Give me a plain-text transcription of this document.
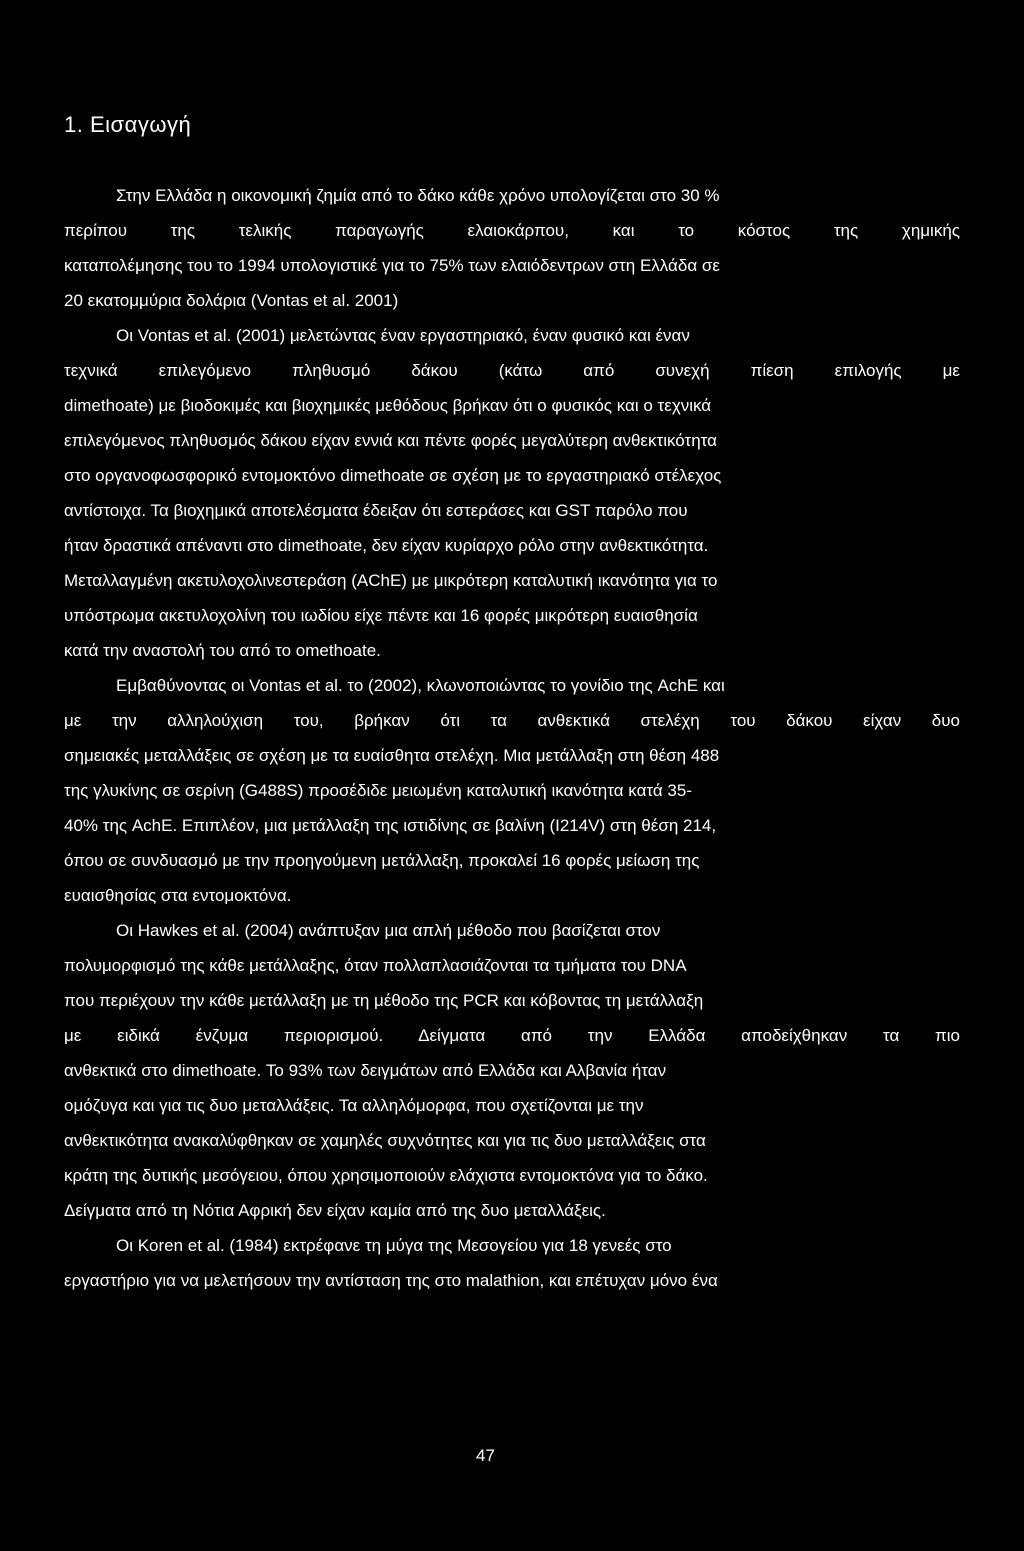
1. Εισαγωγή
Στην Ελλάδα η οικονομική ζημία από το δάκο κάθε χρόνο υπολογίζεται στο 30 %
περίπου της τελικής παραγωγής ελαιοκάρπου, και το κόστος της χημικής
καταπολέμησης του το 1994 υπολογιστικέ για το 75% των ελαιόδεντρων στη Ελλάδα σε
20 εκατομμύρια δολάρια (Vontas et al. 2001)
Οι Vontas et al. (2001) μελετώντας έναν εργαστηριακό, έναν φυσικό και έναν
τεχνικά επιλεγόμενο πληθυσμό δάκου (κάτω από συνεχή πίεση επιλογής με
dimethoate) με βιοδοκιμές και βιοχημικές μεθόδους βρήκαν ότι ο φυσικός και ο τεχνικά
επιλεγόμενος πληθυσμός δάκου είχαν εννιά και πέντε φορές μεγαλύτερη ανθεκτικότητα
στο οργανοφωσφορικό εντομοκτόνο dimethoate σε σχέση με το εργαστηριακό στέλεχος
αντίστοιχα. Τα βιοχημικά αποτελέσματα έδειξαν ότι εστεράσες και GST παρόλο που
ήταν δραστικά απέναντι στο dimethoate, δεν είχαν κυρίαρχο ρόλο στην ανθεκτικότητα.
Μεταλλαγμένη ακετυλοχολινεστεράση (AChE) με μικρότερη καταλυτική ικανότητα για το
υπόστρωμα ακετυλοχολίνη του ιωδίου είχε πέντε και 16 φορές μικρότερη ευαισθησία
κατά την αναστολή του από το omethoate.
Εμβαθύνοντας οι Vontas et al. το (2002), κλωνοποιώντας το γονίδιο της AchE και
με την αλληλούχιση του, βρήκαν ότι τα ανθεκτικά στελέχη του δάκου είχαν δυο
σημειακές μεταλλάξεις σε σχέση με τα ευαίσθητα στελέχη. Μια μετάλλαξη στη θέση 488
της γλυκίνης σε σερίνη (G488S) προσέδιδε μειωμένη καταλυτική ικανότητα κατά 35-
40% της AchE. Επιπλέον, μια μετάλλαξη της ιστιδίνης σε βαλίνη (I214V) στη θέση 214,
όπου σε συνδυασμό με την προηγούμενη μετάλλαξη, προκαλεί 16 φορές μείωση της
ευαισθησίας στα εντομοκτόνα.
Οι Hawkes et al. (2004) ανάπτυξαν μια απλή μέθοδο που βασίζεται στον
πολυμορφισμό της κάθε μετάλλαξης, όταν πολλαπλασιάζονται τα τμήματα του DNA
που περιέχουν την κάθε μετάλλαξη με τη μέθοδο της PCR και κόβοντας τη μετάλλαξη
με ειδικά ένζυμα περιορισμού. Δείγματα από την Ελλάδα αποδείχθηκαν τα πιο
ανθεκτικά στο dimethoate. Το 93% των δειγμάτων από Ελλάδα και Αλβανία ήταν
ομόζυγα και για τις δυο μεταλλάξεις. Τα αλληλόμορφα, που σχετίζονται με την
ανθεκτικότητα ανακαλύφθηκαν σε χαμηλές συχνότητες και για τις δυο μεταλλάξεις στα
κράτη της δυτικής μεσόγειου, όπου χρησιμοποιούν ελάχιστα εντομοκτόνα για το δάκο.
Δείγματα από τη Νότια Αφρική δεν είχαν καμία από της δυο μεταλλάξεις.
Οι Koren et al. (1984) εκτρέφανε τη μύγα της Μεσογείου για 18 γενεές στο
εργαστήριο για να μελετήσουν την αντίσταση της στο malathion, και επέτυχαν μόνο ένα
47
